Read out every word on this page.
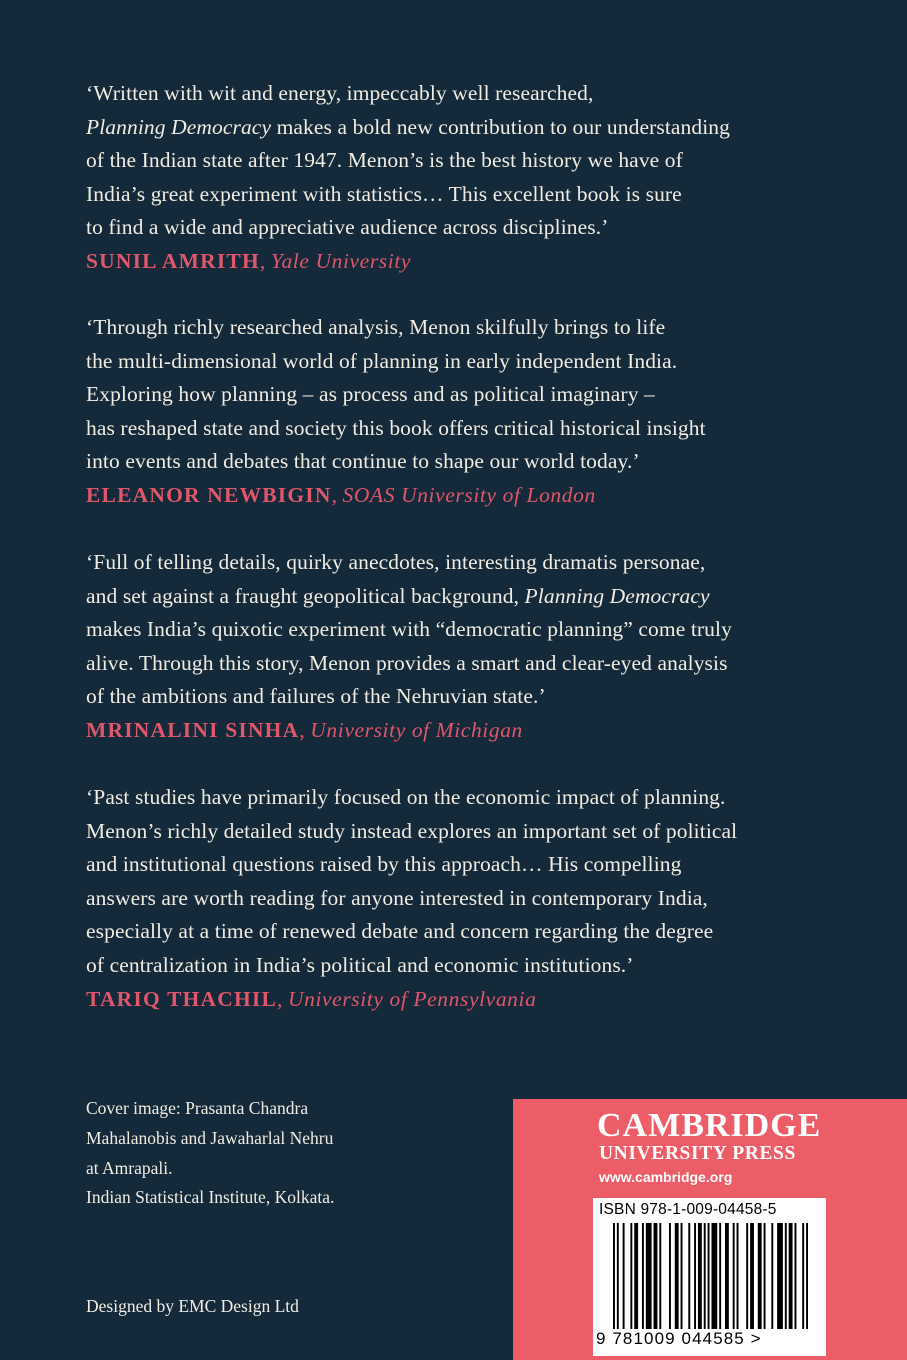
‘Written with wit and energy, impeccably well researched,
Planning Democracy makes a bold new contribution to our understanding
of the Indian state after 1947. Menon’s is the best history we have of
India’s great experiment with statistics… This excellent book is sure
to find a wide and appreciative audience across disciplines.’
SUNIL AMRITH, Yale University
‘Through richly researched analysis, Menon skilfully brings to life
the multi-dimensional world of planning in early independent India.
Exploring how planning – as process and as political imaginary –
has reshaped state and society this book offers critical historical insight
into events and debates that continue to shape our world today.’
ELEANOR NEWBIGIN, SOAS University of London
‘Full of telling details, quirky anecdotes, interesting dramatis personae,
and set against a fraught geopolitical background, Planning Democracy
makes India’s quixotic experiment with “democratic planning” come truly
alive. Through this story, Menon provides a smart and clear-eyed analysis
of the ambitions and failures of the Nehruvian state.’
MRINALINI SINHA, University of Michigan
‘Past studies have primarily focused on the economic impact of planning.
Menon’s richly detailed study instead explores an important set of political
and institutional questions raised by this approach… His compelling
answers are worth reading for anyone interested in contemporary India,
especially at a time of renewed debate and concern regarding the degree
of centralization in India’s political and economic institutions.’
TARIQ THACHIL, University of Pennsylvania
Cover image: Prasanta Chandra
Mahalanobis and Jawaharlal Nehru
at Amrapali.
Indian Statistical Institute, Kolkata.
Designed by EMC Design Ltd
CAMBRIDGE
UNIVERSITY PRESS
www.cambridge.org
ISBN 978-1-009-04458-5
9 781009 044585 >
